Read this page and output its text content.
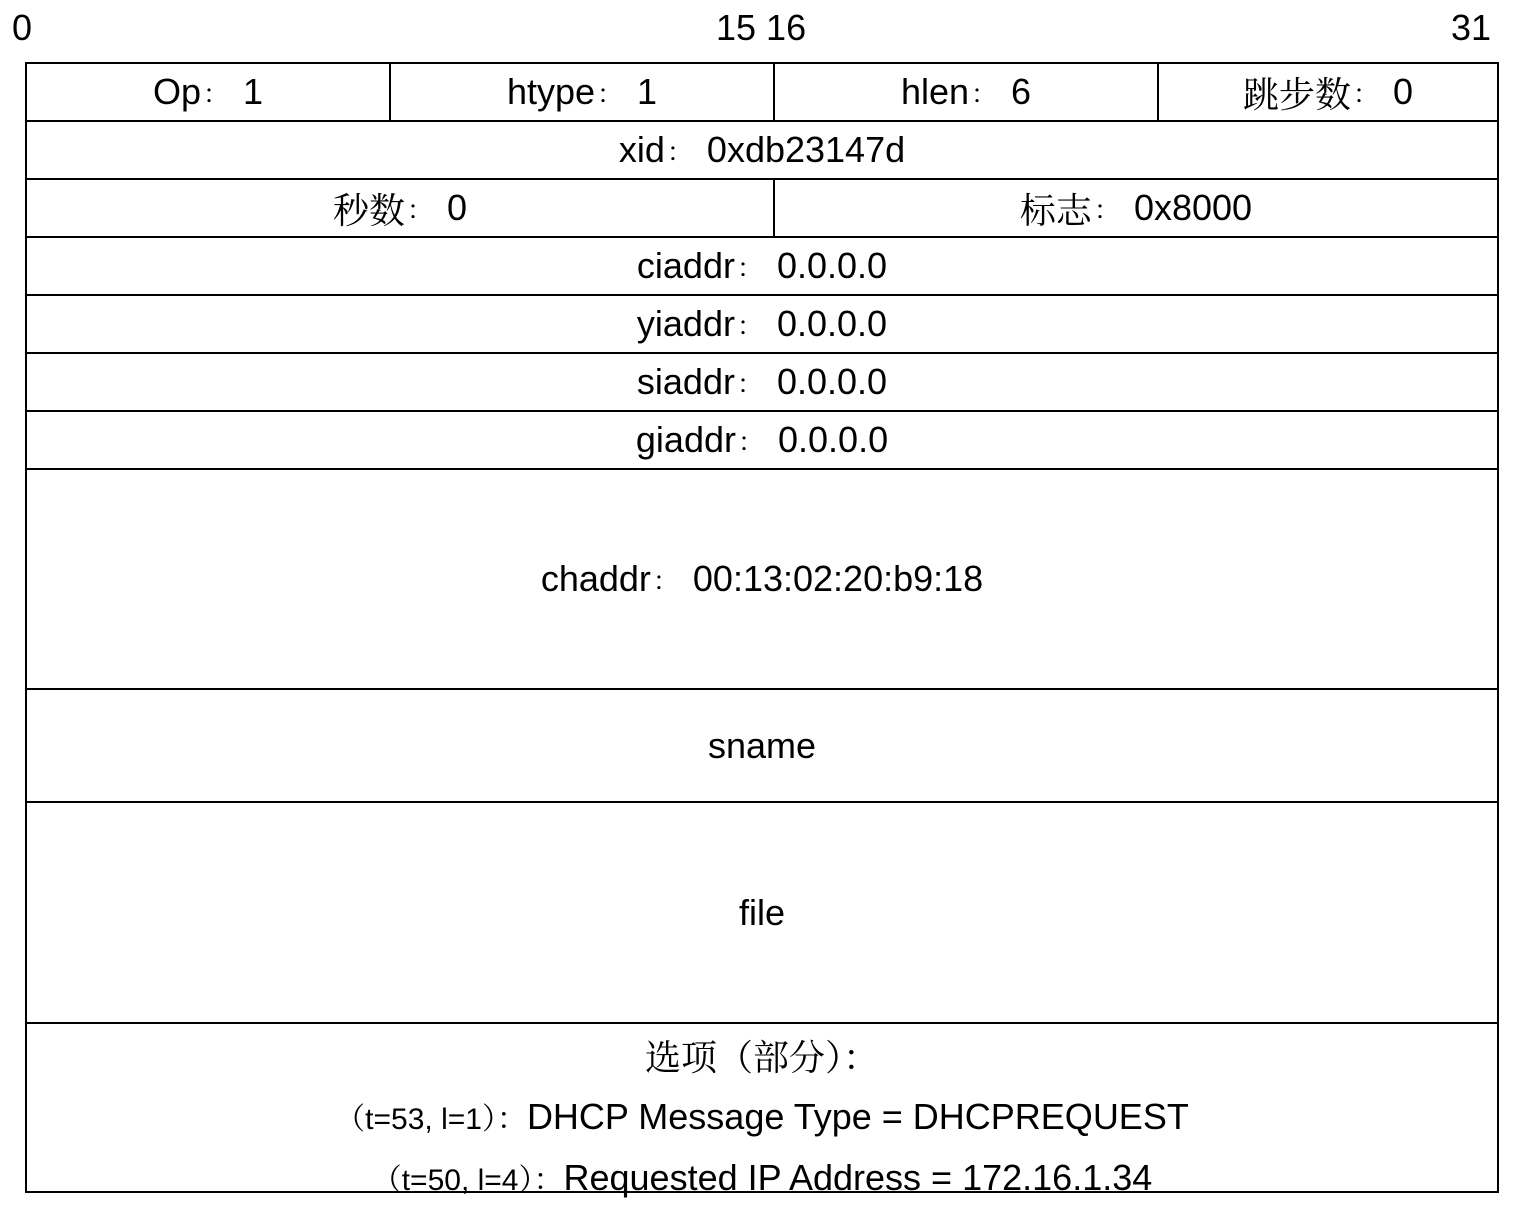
0	15 16	31
Op ： 1	htype ： 1	hlen ： 6	跳步数 ： 0
xid ： 0xdb23147d
秒数 ： 0	标志 ： 0x8000
ciaddr ： 0.0.0.0
yiaddr ： 0.0.0.0
siaddr ： 0.0.0.0
giaddr ： 0.0.0.0
chaddr ： 00:13:02:20:b9:18
sname
file
选项（部分）：
（t=53, l=1）：DHCP Message Type = DHCPREQUEST
（t=50, l=4）：Requested IP Address = 172.16.1.34
